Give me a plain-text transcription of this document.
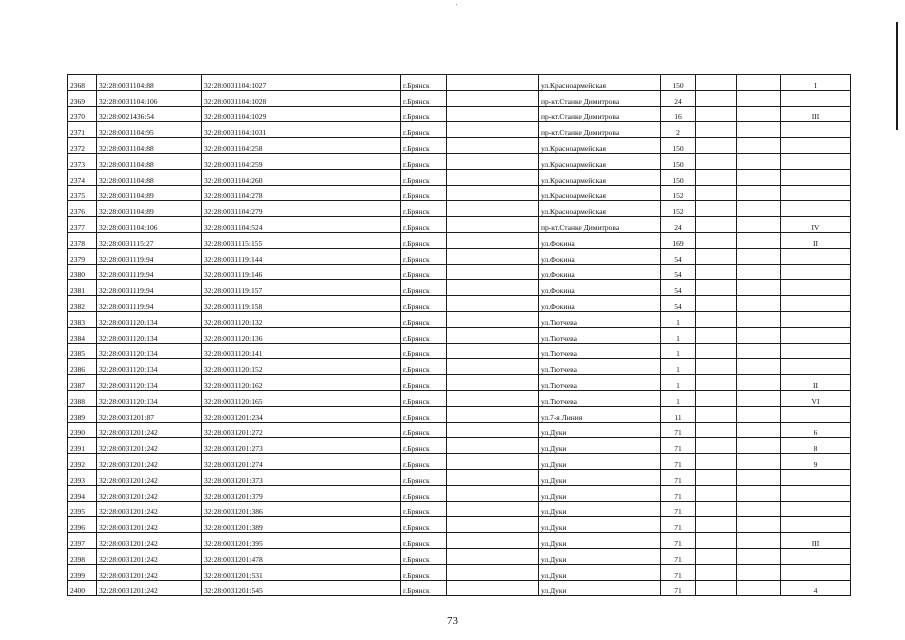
2368	32:28:0031104:88	32:28:0031104:1027	г.Брянск		ул.Красноармейская	150			I
2369	32:28:0031104:106	32:28:0031104:1028	г.Брянск		пр-кт.Станке Димитрова	24			
2370	32:28:0021436:54	32:28:0031104:1029	г.Брянск		пр-кт.Станке Димитрова	16			III
2371	32:28:0031104:95	32:28:0031104:1031	г.Брянск		пр-кт.Станке Димитрова	2			
2372	32:28:0031104:88	32:28:0031104:258	г.Брянск		ул.Красноармейская	150			
2373	32:28:0031104:88	32:28:0031104:259	г.Брянск		ул.Красноармейская	150			
2374	32:28:0031104:88	32:28:0031104:260	г.Брянск		ул.Красноармейская	150			
2375	32:28:0031104:89	32:28:0031104:278	г.Брянск		ул.Красноармейская	152			
2376	32:28:0031104:89	32:28:0031104:279	г.Брянск		ул.Красноармейская	152			
2377	32:28:0031104:106	32:28:0031104:524	г.Брянск		пр-кт.Станке Димитрова	24			IV
2378	32:28:0031115:27	32:28:0031115:155	г.Брянск		ул.Фокина	169			II
2379	32:28:0031119:94	32:28:0031119:144	г.Брянск		ул.Фокина	54			
2380	32:28:0031119:94	32:28:0031119:146	г.Брянск		ул.Фокина	54			
2381	32:28:0031119:94	32:28:0031119:157	г.Брянск		ул.Фокина	54			
2382	32:28:0031119:94	32:28:0031119:158	г.Брянск		ул.Фокина	54			
2383	32:28:0031120:134	32:28:0031120:132	г.Брянск		ул.Тютчева	1			
2384	32:28:0031120:134	32:28:0031120:136	г.Брянск		ул.Тютчева	1			
2385	32:28:0031120:134	32:28:0031120:141	г.Брянск		ул.Тютчева	1			
2386	32:28:0031120:134	32:28:0031120:152	г.Брянск		ул.Тютчева	1			
2387	32:28:0031120:134	32:28:0031120:162	г.Брянск		ул.Тютчева	1			II
2388	32:28:0031120:134	32:28:0031120:165	г.Брянск		ул.Тютчева	1			VI
2389	32:28:0031201:87	32:28:0031201:234	г.Брянск		ул.7-я Линия	11			
2390	32:28:0031201:242	32:28:0031201:272	г.Брянск		ул.Дуки	71			6
2391	32:28:0031201:242	32:28:0031201:273	г.Брянск		ул.Дуки	71			8
2392	32:28:0031201:242	32:28:0031201:274	г.Брянск		ул.Дуки	71			9
2393	32:28:0031201:242	32:28:0031201:373	г.Брянск		ул.Дуки	71			
2394	32:28:0031201:242	32:28:0031201:379	г.Брянск		ул.Дуки	71			
2395	32:28:0031201:242	32:28:0031201:386	г.Брянск		ул.Дуки	71			
2396	32:28:0031201:242	32:28:0031201:389	г.Брянск		ул.Дуки	71			
2397	32:28:0031201:242	32:28:0031201:395	г.Брянск		ул.Дуки	71			III
2398	32:28:0031201:242	32:28:0031201:478	г.Брянск		ул.Дуки	71			
2399	32:28:0031201:242	32:28:0031201:531	г.Брянск		ул.Дуки	71			
2400	32:28:0031201:242	32:28:0031201:545	г.Брянск		ул.Дуки	71			4
73
